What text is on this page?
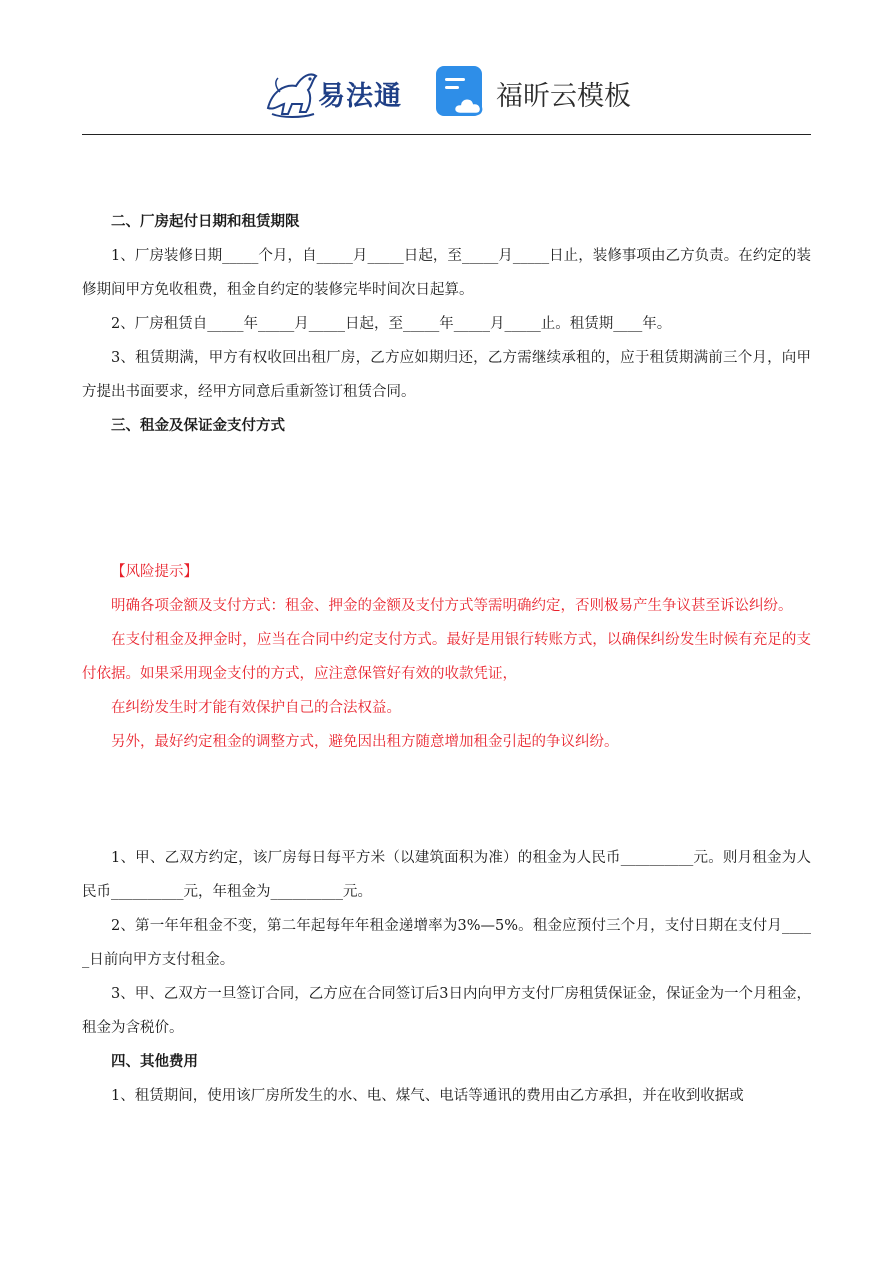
易法通	福昕云模板

二、厂房起付日期和租赁期限

1、厂房装修日期_____个月，自_____月_____日起，至_____月_____日止，装修事项由乙方负责。在约定的装修期间甲方免收租费，租金自约定的装修完毕时间次日起算。

2、厂房租赁自_____年_____月_____日起，至_____年_____月_____止。租赁期____年。

3、租赁期满，甲方有权收回出租厂房，乙方应如期归还，乙方需继续承租的，应于租赁期满前三个月，向甲方提出书面要求，经甲方同意后重新签订租赁合同。

三、租金及保证金支付方式

【风险提示】

明确各项金额及支付方式：租金、押金的金额及支付方式等需明确约定，否则极易产生争议甚至诉讼纠纷。

在支付租金及押金时，应当在合同中约定支付方式。最好是用银行转账方式，以确保纠纷发生时候有充足的支付依据。如果采用现金支付的方式，应注意保管好有效的收款凭证，

在纠纷发生时才能有效保护自己的合法权益。

另外，最好约定租金的调整方式，避免因出租方随意增加租金引起的争议纠纷。

1、甲、乙双方约定，该厂房每日每平方米（以建筑面积为准）的租金为人民币__________元。则月租金为人民币__________元，年租金为__________元。

2、第一年年租金不变，第二年起每年年租金递增率为3%—5%。租金应预付三个月，支付日期在支付月_____日前向甲方支付租金。

3、甲、乙双方一旦签订合同，乙方应在合同签订后3日内向甲方支付厂房租赁保证金，保证金为一个月租金，租金为含税价。

四、其他费用

1、租赁期间，使用该厂房所发生的水、电、煤气、电话等通讯的费用由乙方承担，并在收到收据或
